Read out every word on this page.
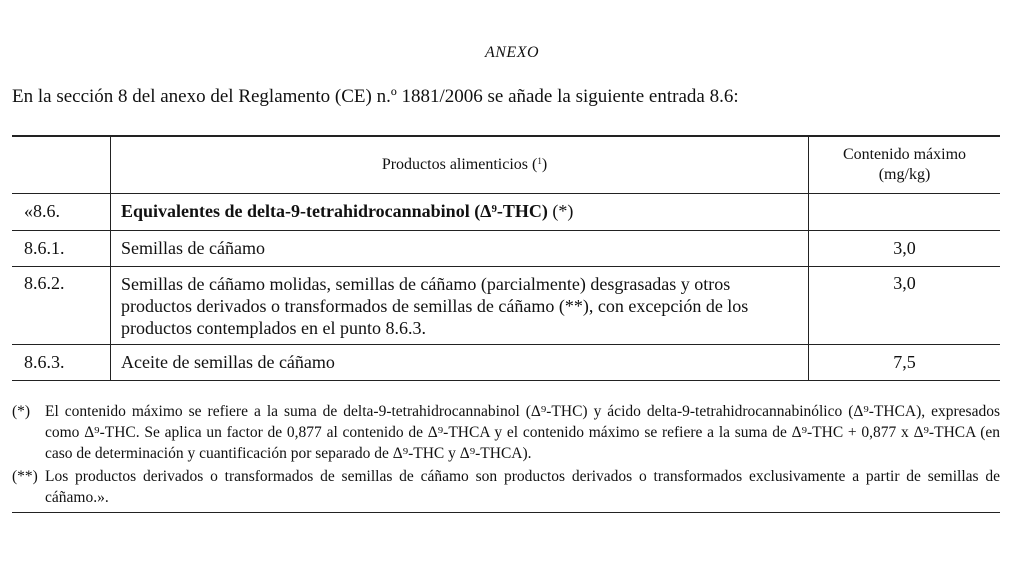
ANEXO
En la sección 8 del anexo del Reglamento (CE) n.º 1881/2006 se añade la siguiente entrada 8.6:
	Productos alimenticios ($^1$)	Contenido máximo
(mg/kg)

«8.6.	Equivalentes de delta-9-tetrahidrocannabinol (Δ⁹-THC) (*)	
8.6.1.	Semillas de cáñamo	3,0
8.6.2.	Semillas de cáñamo molidas, semillas de cáñamo (parcialmente) desgrasadas y otros productos derivados o transformados de semillas de cáñamo (**), con excepción de los productos contemplados en el punto 8.6.3.	3,0
8.6.3.	Aceite de semillas de cáñamo	7,5
(*) El contenido máximo se refiere a la suma de delta-9-tetrahidrocannabinol (Δ⁹-THC) y ácido delta-9-tetrahidrocannabinólico (Δ⁹-THCA), expresados como Δ⁹-THC. Se aplica un factor de 0,877 al contenido de Δ⁹-THCA y el contenido máximo se refiere a la suma de Δ⁹-THC + 0,877 x Δ⁹-THCA (en caso de determinación y cuantificación por separado de Δ⁹-THC y Δ⁹-THCA).
(**) Los productos derivados o transformados de semillas de cáñamo son productos derivados o transformados exclusivamente a partir de semillas de cáñamo.».
